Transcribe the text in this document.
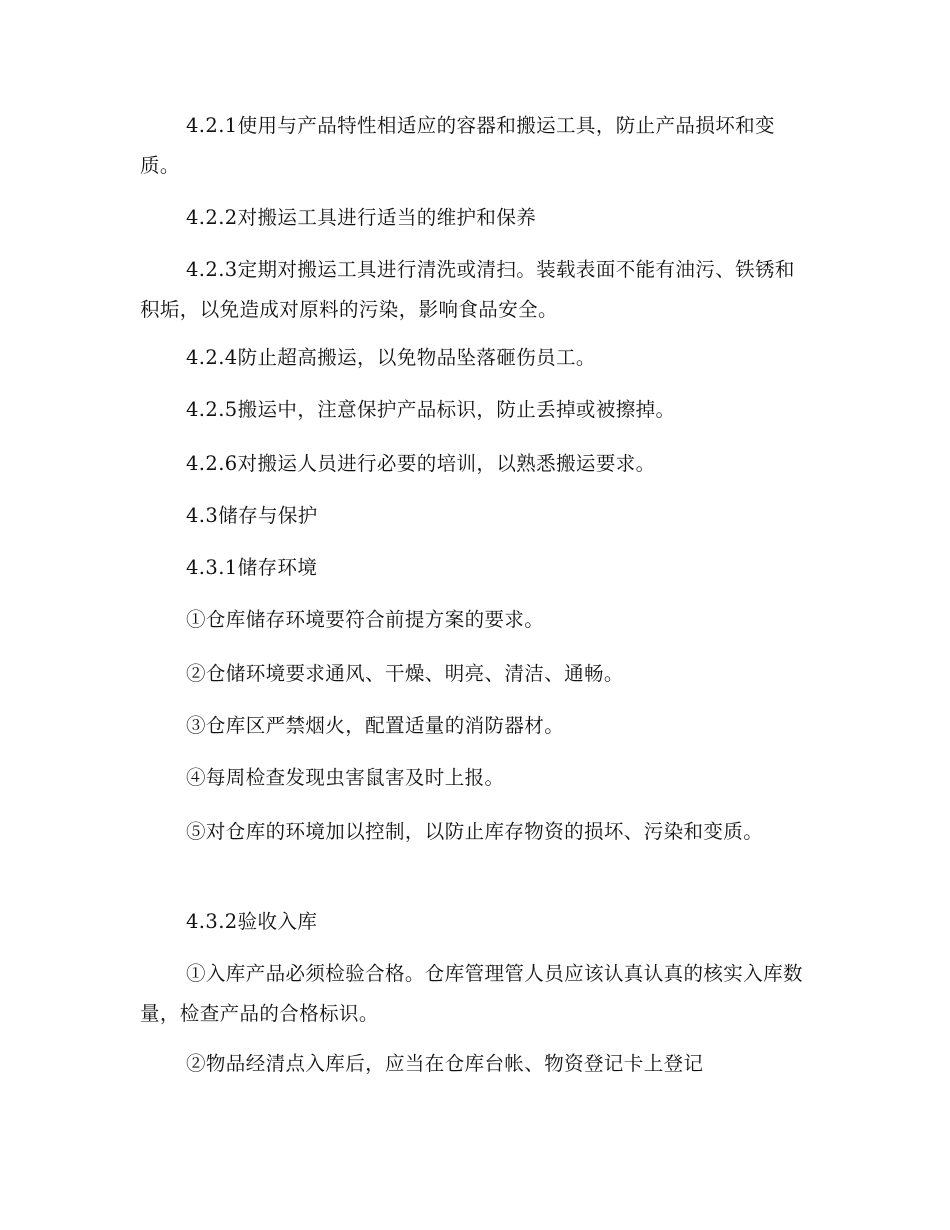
4.2.1使用与产品特性相适应的容器和搬运工具，防止产品损坏和变质。

4.2.2对搬运工具进行适当的维护和保养

4.2.3定期对搬运工具进行清洗或清扫。装载表面不能有油污、铁锈和积垢，以免造成对原料的污染，影响食品安全。

4.2.4防止超高搬运，以免物品坠落砸伤员工。

4.2.5搬运中，注意保护产品标识，防止丢掉或被擦掉。

4.2.6对搬运人员进行必要的培训，以熟悉搬运要求。

4.3储存与保护

4.3.1储存环境

①仓库储存环境要符合前提方案的要求。

②仓储环境要求通风、干燥、明亮、清洁、通畅。

③仓库区严禁烟火，配置适量的消防器材。

④每周检查发现虫害鼠害及时上报。

⑤对仓库的环境加以控制，以防止库存物资的损坏、污染和变质。

4.3.2验收入库

①入库产品必须检验合格。仓库管理管人员应该认真认真的核实入库数量，检查产品的合格标识。

②物品经清点入库后，应当在仓库台帐、物资登记卡上登记
